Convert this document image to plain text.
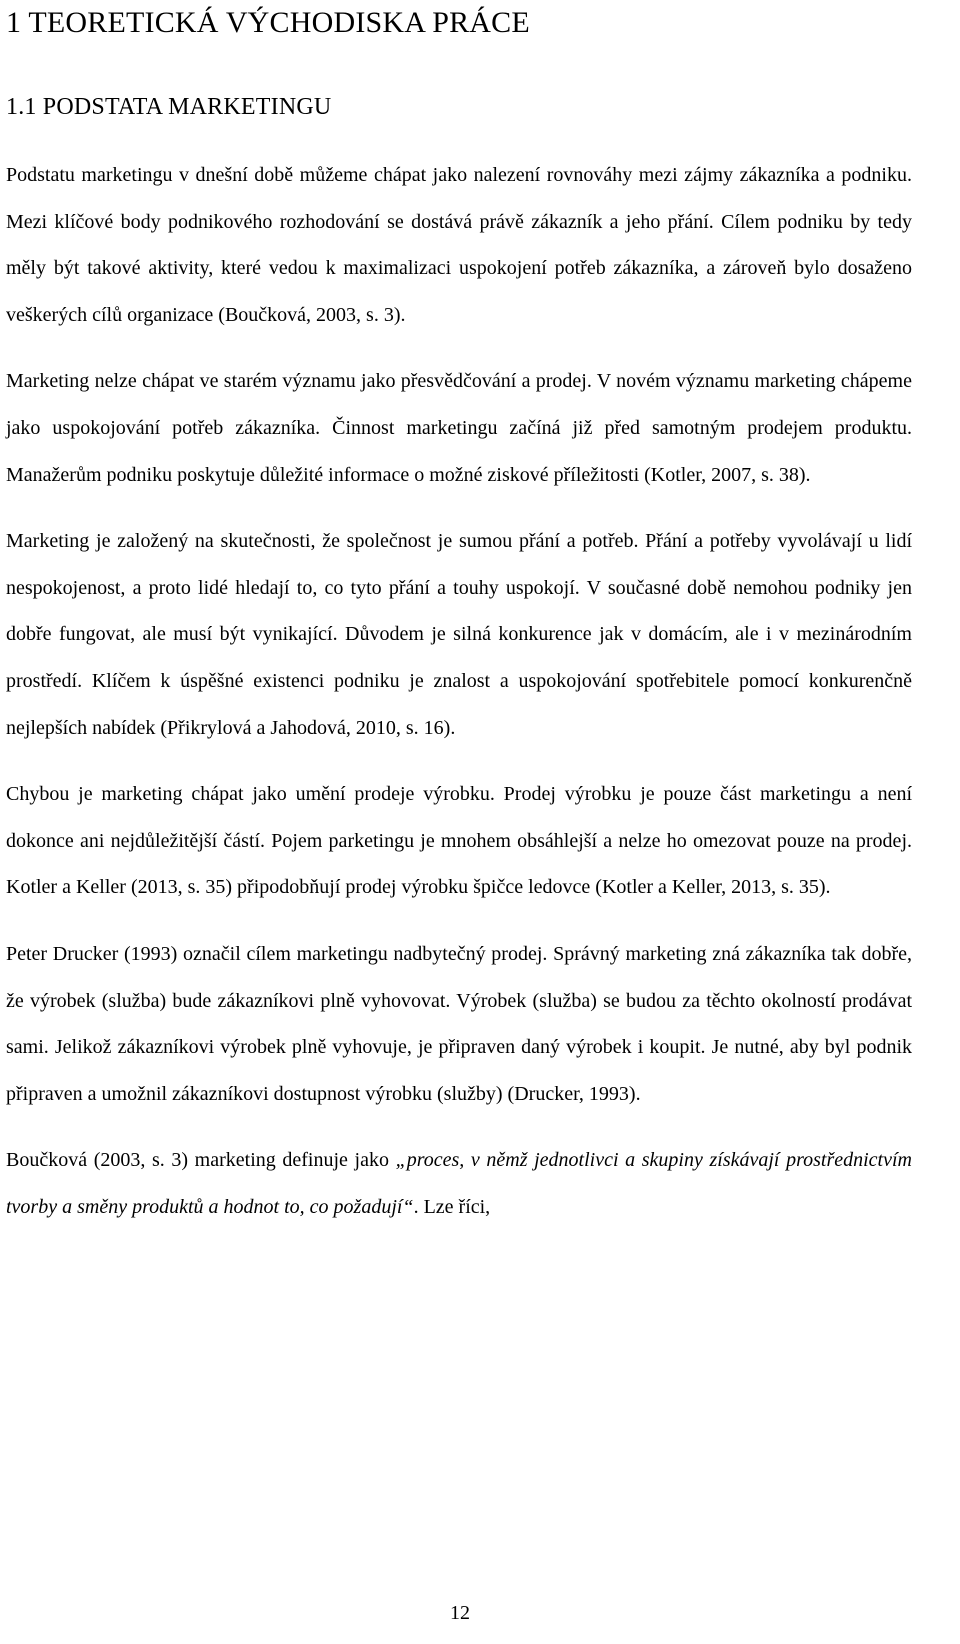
1 TEORETICKÁ VÝCHODISKA PRÁCE
1.1 PODSTATA MARKETINGU

Podstatu marketingu v dnešní době můžeme chápat jako nalezení rovnováhy mezi zájmy zákazníka a podniku. Mezi klíčové body podnikového rozhodování se dostává právě zákazník a jeho přání. Cílem podniku by tedy měly být takové aktivity, které vedou k maximalizaci uspokojení potřeb zákazníka, a zároveň bylo dosaženo veškerých cílů organizace (Boučková, 2003, s. 3).

Marketing nelze chápat ve starém významu jako přesvědčování a prodej. V novém významu marketing chápeme jako uspokojování potřeb zákazníka. Činnost marketingu začíná již před samotným prodejem produktu. Manažerům podniku poskytuje důležité informace o možné ziskové příležitosti (Kotler, 2007, s. 38).

Marketing je založený na skutečnosti, že společnost je sumou přání a potřeb. Přání a potřeby vyvolávají u lidí nespokojenost, a proto lidé hledají to, co tyto přání a touhy uspokojí. V současné době nemohou podniky jen dobře fungovat, ale musí být vynikající. Důvodem je silná konkurence jak v domácím, ale i v mezinárodním prostředí. Klíčem k úspěšné existenci podniku je znalost a uspokojování spotřebitele pomocí konkurenčně nejlepších nabídek (Přikrylová a Jahodová, 2010, s. 16).

Chybou je marketing chápat jako umění prodeje výrobku. Prodej výrobku je pouze část marketingu a není dokonce ani nejdůležitější částí. Pojem parketingu je mnohem obsáhlejší a nelze ho omezovat pouze na prodej. Kotler a Keller (2013, s. 35) připodobňují prodej výrobku špičce ledovce (Kotler a Keller, 2013, s. 35).

Peter Drucker (1993) označil cílem marketingu nadbytečný prodej. Správný marketing zná zákazníka tak dobře, že výrobek (služba) bude zákazníkovi plně vyhovovat. Výrobek (služba) se budou za těchto okolností prodávat sami. Jelikož zákazníkovi výrobek plně vyhovuje, je připraven daný výrobek i koupit. Je nutné, aby byl podnik připraven a umožnil zákazníkovi dostupnost výrobku (služby) (Drucker, 1993).

Boučková (2003, s. 3) marketing definuje jako „proces, v němž jednotlivci a skupiny získávají prostřednictvím tvorby a směny produktů a hodnot to, co požadují“. Lze říci,

12
